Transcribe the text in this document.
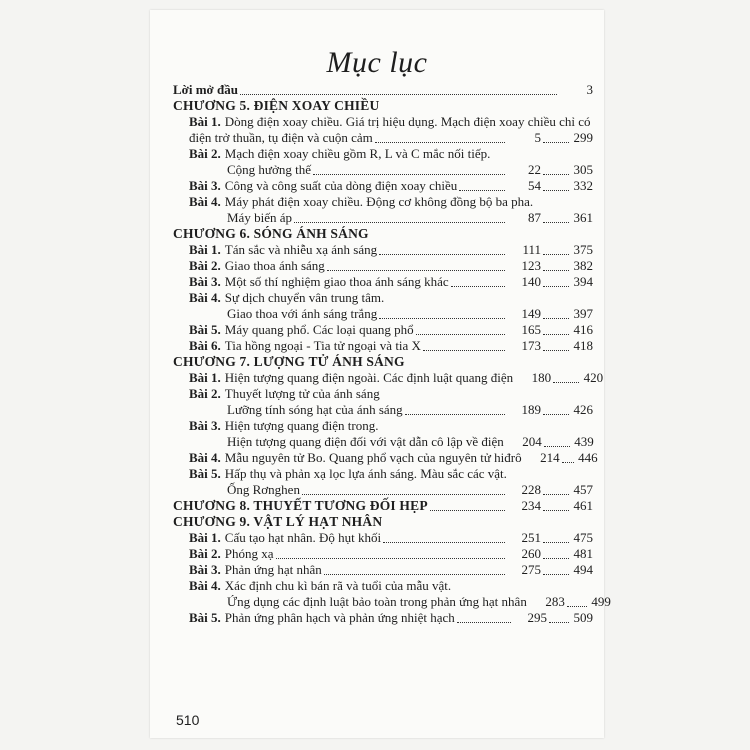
Mục lục
Lời mở đầu	3
CHƯƠNG 5. ĐIỆN XOAY CHIỀU
Bài 1. Dòng điện xoay chiều. Giá trị hiệu dụng. Mạch điện xoay chiều chỉ có
điện trở thuần, tụ điện và cuộn cảm	5	299
Bài 2. Mạch điện xoay chiều gồm R, L và C mắc nối tiếp.
Cộng hưởng thế	22	305
Bài 3. Công và công suất của dòng điện xoay chiều	54	332
Bài 4. Máy phát điện xoay chiều. Động cơ không đồng bộ ba pha.
Máy biến áp	87	361
CHƯƠNG 6. SÓNG ÁNH SÁNG
Bài 1. Tán sắc và nhiễu xạ ánh sáng	111	375
Bài 2. Giao thoa ánh sáng	123	382
Bài 3. Một số thí nghiệm giao thoa ánh sáng khác	140	394
Bài 4. Sự dịch chuyển vân trung tâm.
Giao thoa với ánh sáng trắng	149	397
Bài 5. Máy quang phổ. Các loại quang phổ	165	416
Bài 6. Tia hồng ngoại - Tia tử ngoại và tia X	173	418
CHƯƠNG 7. LƯỢNG TỬ ÁNH SÁNG
Bài 1. Hiện tượng quang điện ngoài. Các định luật quang điện	180	420
Bài 2. Thuyết lượng tử của ánh sáng
Lưỡng tính sóng hạt của ánh sáng	189	426
Bài 3. Hiện tượng quang điện trong.
Hiện tượng quang điện đối với vật dẫn cô lập về điện	204	439
Bài 4. Mẫu nguyên tử Bo. Quang phổ vạch của nguyên tử hiđrô	214 446
Bài 5. Hấp thụ và phản xạ lọc lựa ánh sáng. Màu sắc các vật.
Ống Rơnghen	228	457
CHƯƠNG 8. THUYẾT TƯƠNG ĐỐI HẸP	234	461
CHƯƠNG 9. VẬT LÝ HẠT NHÂN
Bài 1. Cấu tạo hạt nhân. Độ hụt khối	251	475
Bài 2. Phóng xạ	260	481
Bài 3. Phản ứng hạt nhân	275	494
Bài 4. Xác định chu kì bán rã và tuổi của mẫu vật.
Ứng dụng các định luật bảo toàn trong phản ứng hạt nhân	283 499
Bài 5. Phản ứng phân hạch và phản ứng nhiệt hạch	295 509
510
